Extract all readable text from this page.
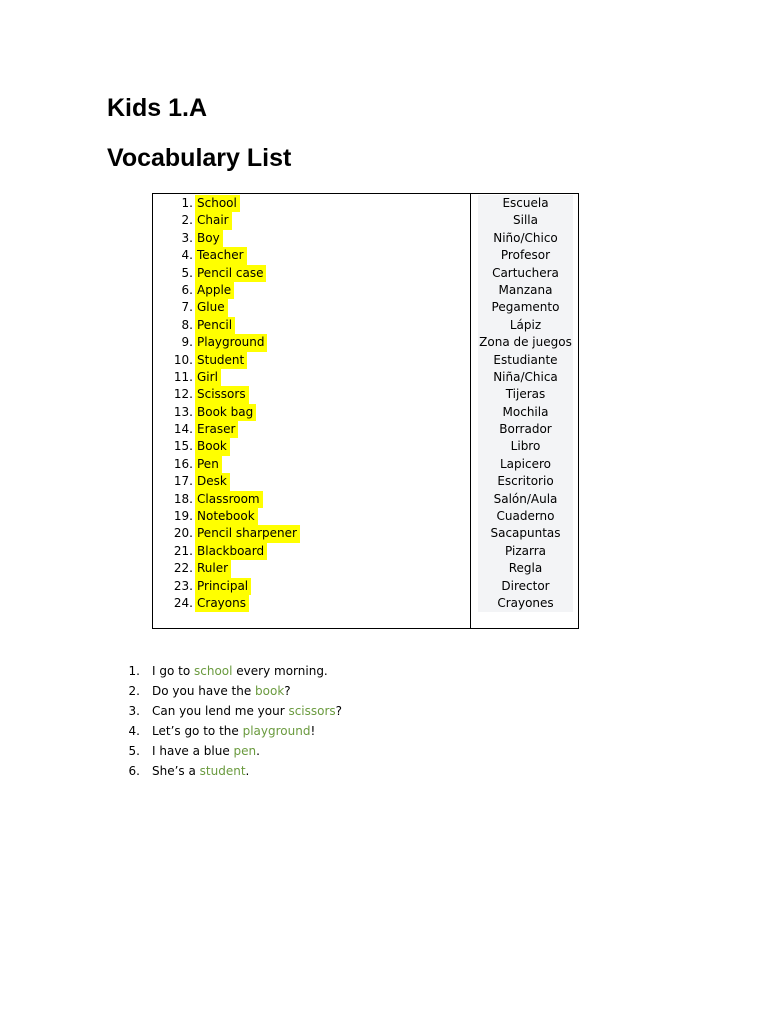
Kids 1.A
Vocabulary List
1. School
2. Chair
3. Boy
4. Teacher
5. Pencil case
6. Apple
7. Glue
8. Pencil
9. Playground
10. Student
11. Girl
12. Scissors
13. Book bag
14. Eraser
15. Book
16. Pen
17. Desk
18. Classroom
19. Notebook
20. Pencil sharpener
21. Blackboard
22. Ruler
23. Principal
24. Crayons
Escuela
Silla
Niño/Chico
Profesor
Cartuchera
Manzana
Pegamento
Lápiz
Zona de juegos
Estudiante
Niña/Chica
Tijeras
Mochila
Borrador
Libro
Lapicero
Escritorio
Salón/Aula
Cuaderno
Sacapuntas
Pizarra
Regla
Director
Crayones
1. I go to school every morning.
2. Do you have the book?
3. Can you lend me your scissors?
4. Let’s go to the playground!
5. I have a blue pen.
6. She’s a student.
